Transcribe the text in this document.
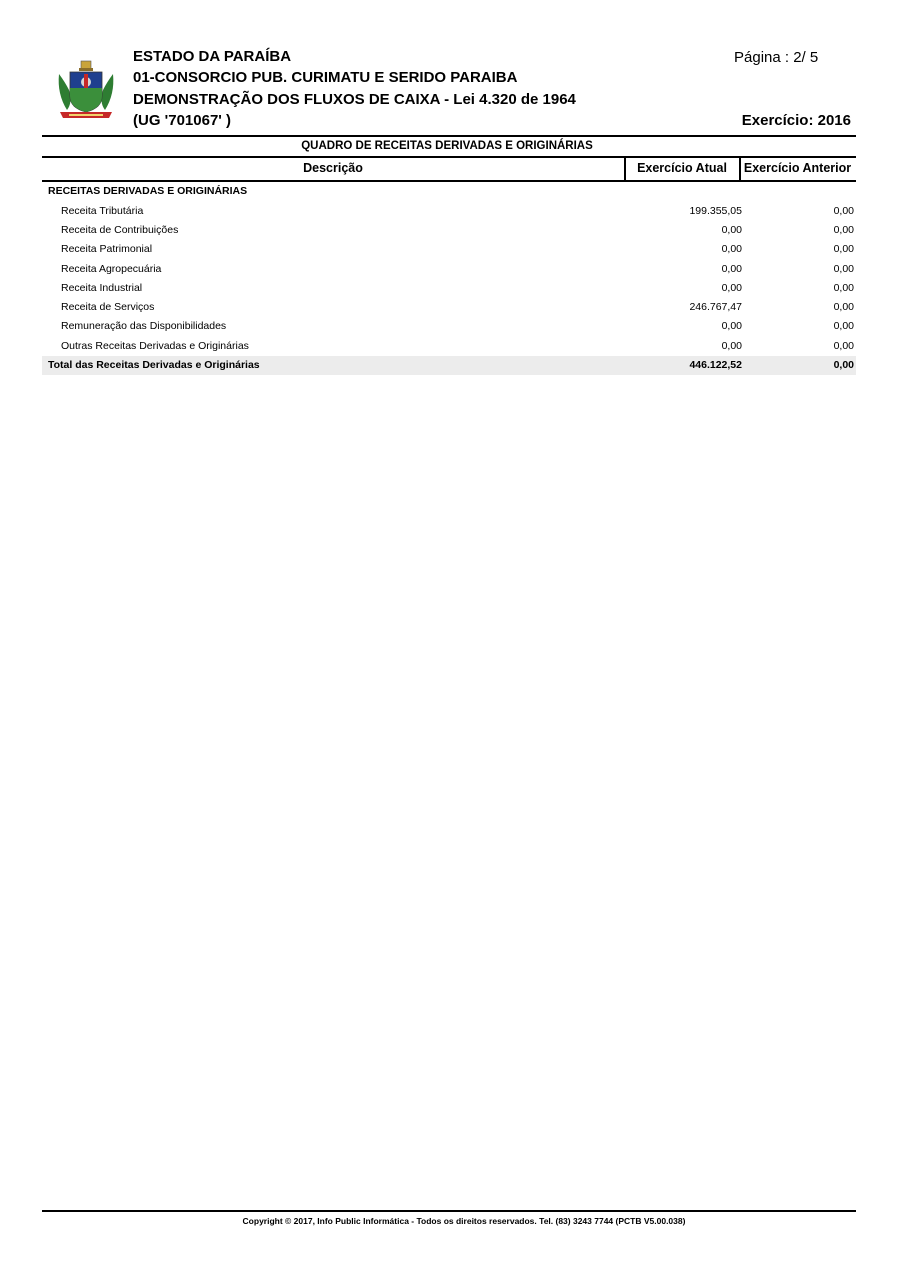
ESTADO DA PARAÍBA
01-CONSORCIO PUB. CURIMATU E SERIDO PARAIBA
DEMONSTRAÇÃO DOS FLUXOS DE CAIXA - Lei 4.320 de 1964
(UG '701067' )
Página : 2/ 5
Exercício: 2016
QUADRO DE RECEITAS DERIVADAS E ORIGINÁRIAS
Descrição	Exercício Atual	Exercício Anterior
RECEITAS DERIVADAS E ORIGINÁRIAS
Receita Tributária	199.355,05	0,00
Receita de Contribuições	0,00	0,00
Receita Patrimonial	0,00	0,00
Receita Agropecuária	0,00	0,00
Receita Industrial	0,00	0,00
Receita de Serviços	246.767,47	0,00
Remuneração das Disponibilidades	0,00	0,00
Outras Receitas Derivadas e Originárias	0,00	0,00
Total das Receitas Derivadas e Originárias	446.122,52	0,00
Copyright © 2017, Info Public Informática - Todos os direitos reservados. Tel. (83) 3243 7744 (PCTB V5.00.038)
